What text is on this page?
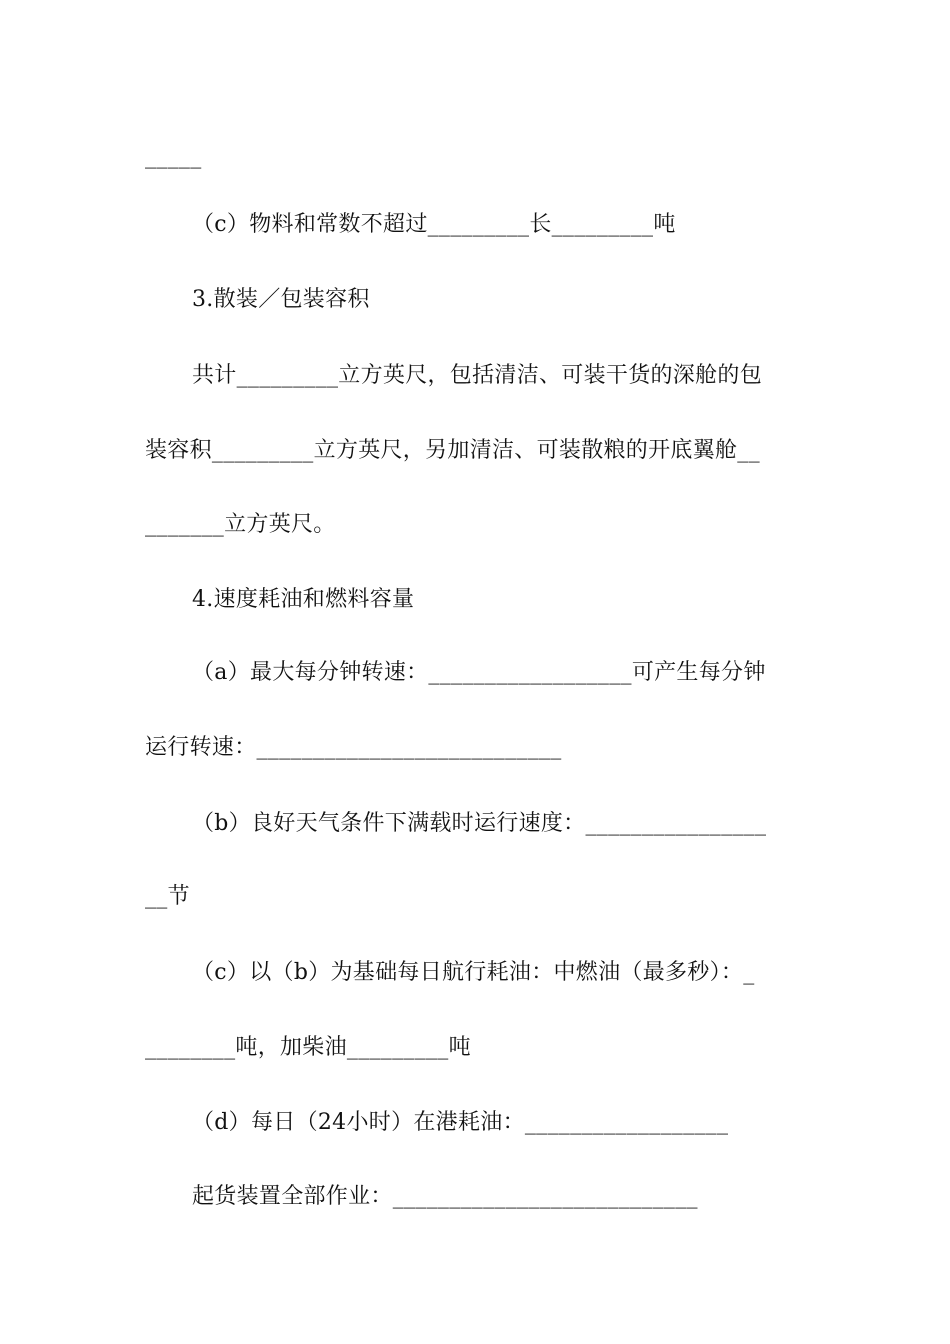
_____
（c）物料和常数不超过_________长_________吨
3.散装／包装容积
共计_________立方英尺，包括清洁、可装干货的深舱的包
装容积_________立方英尺，另加清洁、可装散粮的开底翼舱__
_______立方英尺。
4.速度耗油和燃料容量
（a）最大每分钟转速：__________________可产生每分钟
运行转速：___________________________
（b）良好天气条件下满载时运行速度：________________
__节
（c）以（b）为基础每日航行耗油：中燃油（最多秒）：_
________吨，加柴油_________吨
（d）每日（24小时）在港耗油：__________________
起货装置全部作业：___________________________
